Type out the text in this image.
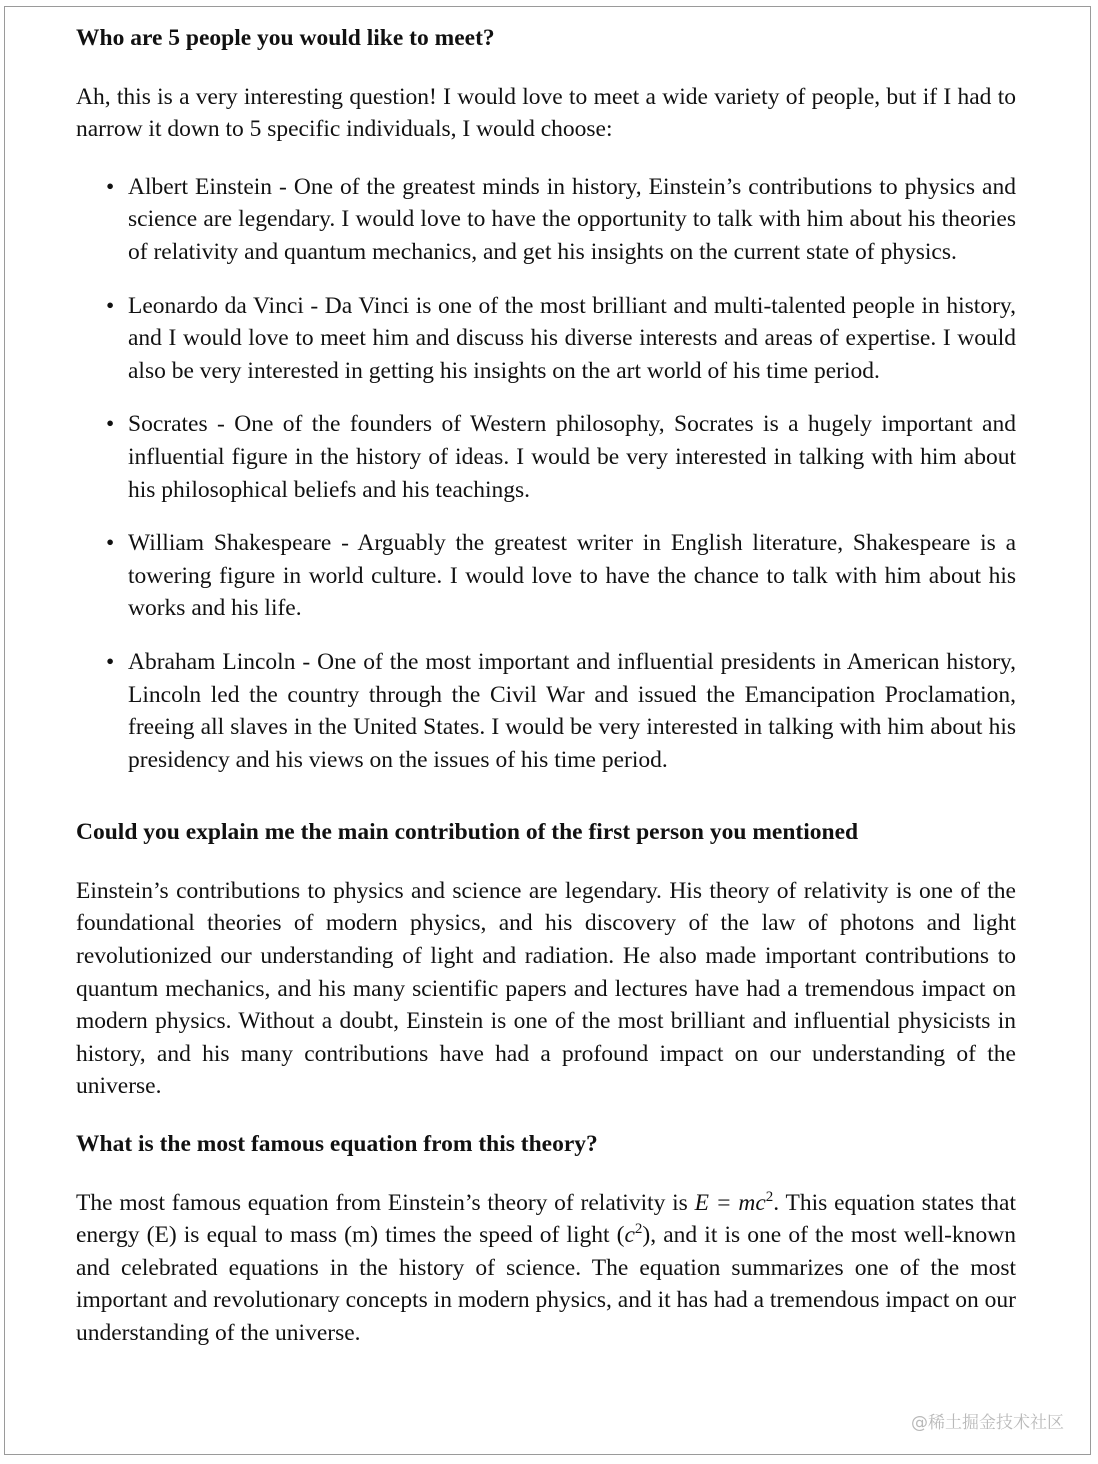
Who are 5 people you would like to meet?

Ah, this is a very interesting question! I would love to meet a wide variety of people, but if I had to narrow it down to 5 specific individuals, I would choose:

• Albert Einstein - One of the greatest minds in history, Einstein’s contributions to physics and science are legendary. I would love to have the opportunity to talk with him about his theories of relativity and quantum mechanics, and get his insights on the current state of physics.
• Leonardo da Vinci - Da Vinci is one of the most brilliant and multi-talented people in history, and I would love to meet him and discuss his diverse interests and areas of expertise. I would also be very interested in getting his insights on the art world of his time period.
• Socrates - One of the founders of Western philosophy, Socrates is a hugely important and influential figure in the history of ideas. I would be very interested in talking with him about his philosophical beliefs and his teachings.
• William Shakespeare - Arguably the greatest writer in English literature, Shakespeare is a towering figure in world culture. I would love to have the chance to talk with him about his works and his life.
• Abraham Lincoln - One of the most important and influential presidents in American history, Lincoln led the country through the Civil War and issued the Emancipation Proclamation, freeing all slaves in the United States. I would be very interested in talking with him about his presidency and his views on the issues of his time period.

Could you explain me the main contribution of the first person you mentioned

Einstein’s contributions to physics and science are legendary. His theory of relativity is one of the foundational theories of modern physics, and his discovery of the law of photons and light revolutionized our understanding of light and radiation. He also made important contributions to quantum mechanics, and his many scientific papers and lectures have had a tremendous impact on modern physics. Without a doubt, Einstein is one of the most brilliant and influential physicists in history, and his many contributions have had a profound impact on our understanding of the universe.

What is the most famous equation from this theory?

The most famous equation from Einstein’s theory of relativity is $E = mc^2$. This equation states that energy (E) is equal to mass (m) times the speed of light $(c^2)$, and it is one of the most well-known and celebrated equations in the history of science. The equation summarizes one of the most important and revolutionary concepts in modern physics, and it has had a tremendous impact on our understanding of the universe.

@稀土掘金技术社区
